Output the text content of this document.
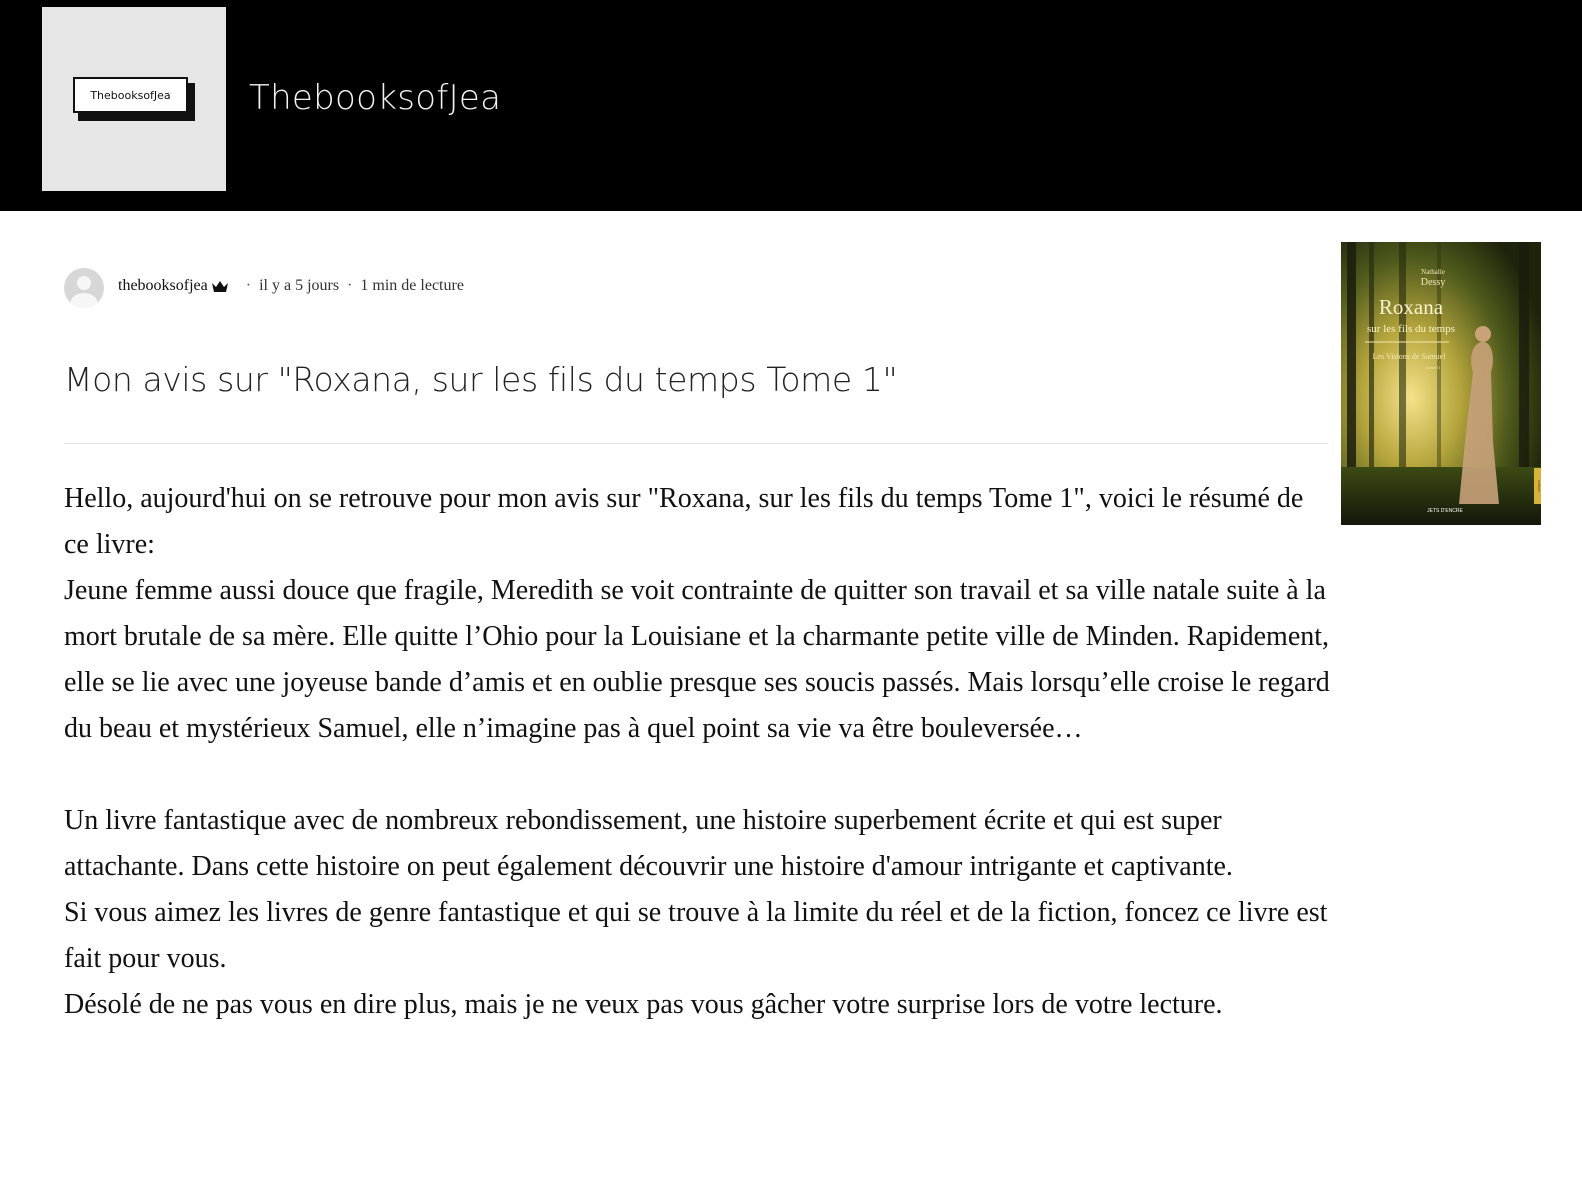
ThebooksofJea	ThebooksofJea
thebooksofjea · il y a 5 jours · 1 min de lecture
Mon avis sur "Roxana, sur les fils du temps Tome 1"

Hello, aujourd'hui on se retrouve pour mon avis sur "Roxana, sur les fils du temps Tome 1", voici le résumé de ce livre:

Jeune femme aussi douce que fragile, Meredith se voit contrainte de quitter son travail et sa ville natale suite à la mort brutale de sa mère. Elle quitte l’Ohio pour la Louisiane et la charmante petite ville de Minden. Rapidement, elle se lie avec une joyeuse bande d’amis et en oublie presque ses soucis passés. Mais lorsqu’elle croise le regard du beau et mystérieux Samuel, elle n’imagine pas à quel point sa vie va être bouleversée…

Un livre fantastique avec de nombreux rebondissement, une histoire superbement écrite et qui est super attachante. Dans cette histoire on peut également découvrir une histoire d'amour intrigante et captivante.

Si vous aimez les livres de genre fantastique et qui se trouve à la limite du réel et de la fiction, foncez ce livre est fait pour vous.

Désolé de ne pas vous en dire plus, mais je ne veux pas vous gâcher votre surprise lors de votre lecture.

Nathalie
Dessy
Roxana
sur les fils du temps
Les Visions de Samuel
(tome 1)
JETS D'ENCRE
ROMAN
